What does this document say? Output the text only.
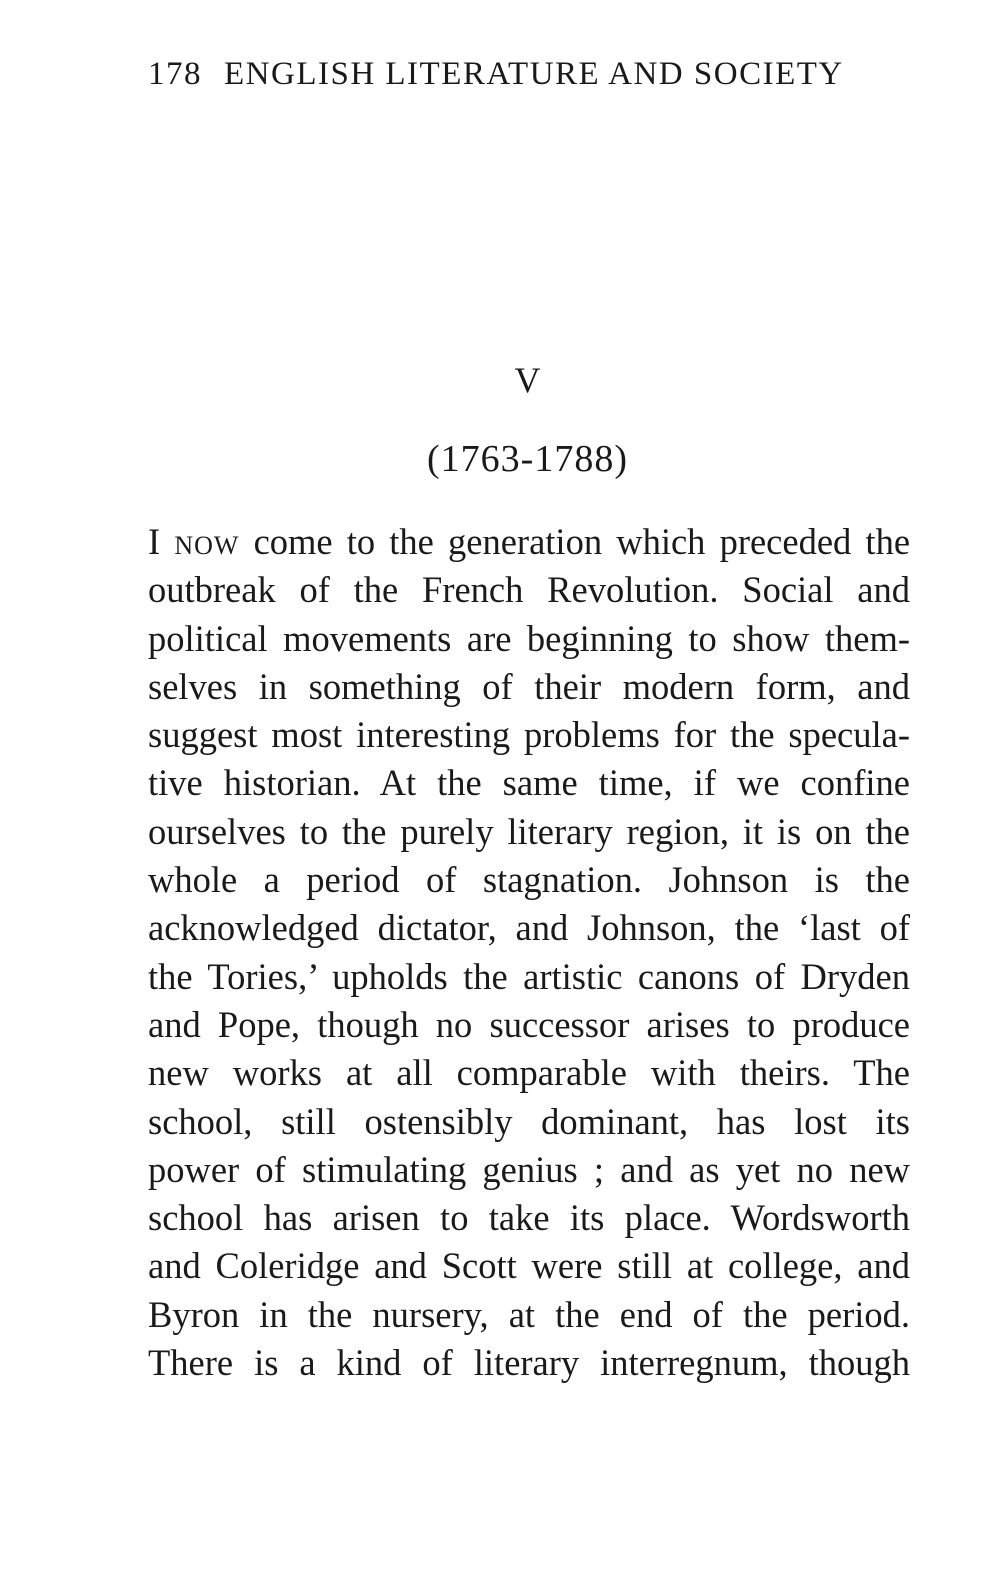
178 ENGLISH LITERATURE AND SOCIETY
V
(1763-1788)
I NOW come to the generation which preceded the
outbreak of the French Revolution. Social and
political movements are beginning to show them-
selves in something of their modern form, and
suggest most interesting problems for the specula-
tive historian. At the same time, if we confine
ourselves to the purely literary region, it is on the
whole a period of stagnation. Johnson is the
acknowledged dictator, and Johnson, the ‘last of
the Tories,’ upholds the artistic canons of Dryden
and Pope, though no successor arises to produce
new works at all comparable with theirs. The
school, still ostensibly dominant, has lost its
power of stimulating genius ; and as yet no new
school has arisen to take its place. Wordsworth
and Coleridge and Scott were still at college, and
Byron in the nursery, at the end of the period.
There is a kind of literary interregnum, though
